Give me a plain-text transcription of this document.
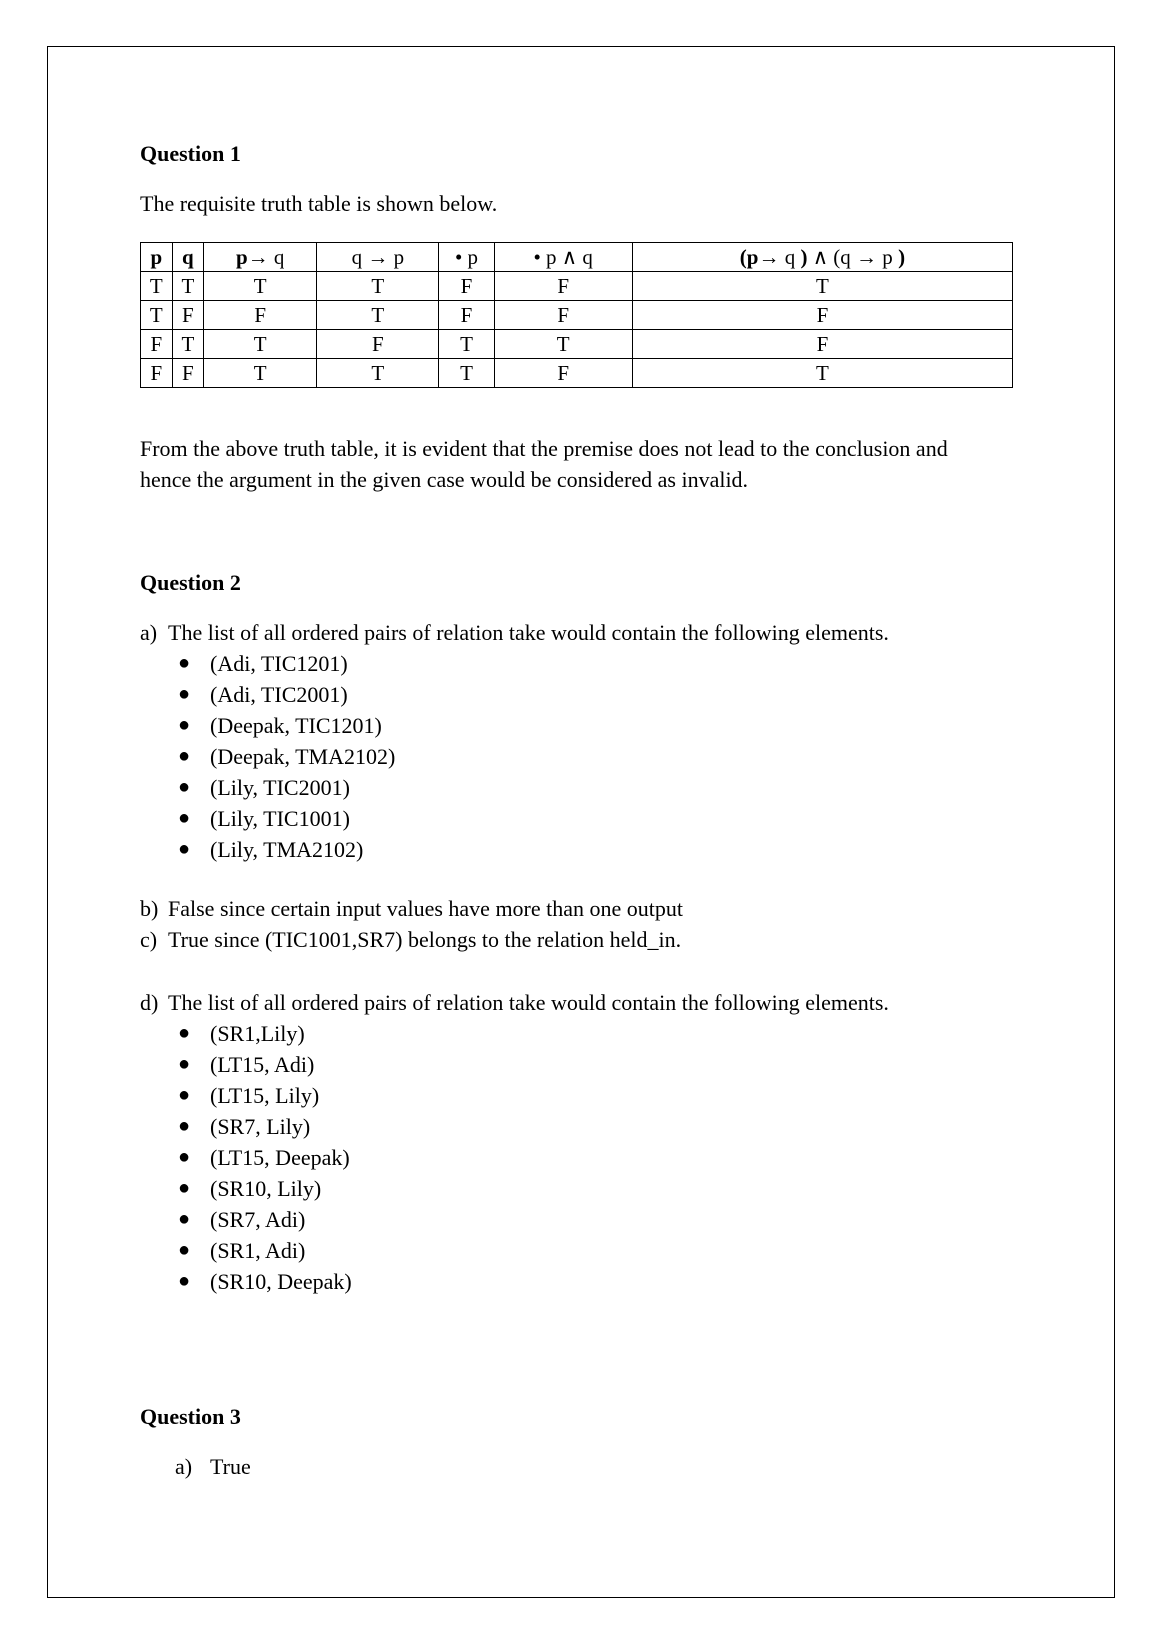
Question 1
The requisite truth table is shown below.
p	q	p→ q	q → p	• p	• p ∧ q	(p→ q ) ∧ (q → p )
T	T	T	T	F	F	T
T	F	F	T	F	F	F
F	T	T	F	T	T	F
F	F	T	T	T	F	T
From the above truth table, it is evident that the premise does not lead to the conclusion and
hence the argument in the given case would be considered as invalid.
Question 2
a) The list of all ordered pairs of relation take would contain the following elements.
● (Adi, TIC1201)
● (Adi, TIC2001)
● (Deepak, TIC1201)
● (Deepak, TMA2102)
● (Lily, TIC2001)
● (Lily, TIC1001)
● (Lily, TMA2102)
b) False since certain input values have more than one output
c) True since (TIC1001,SR7) belongs to the relation held_in.
d) The list of all ordered pairs of relation take would contain the following elements.
● (SR1,Lily)
● (LT15, Adi)
● (LT15, Lily)
● (SR7, Lily)
● (LT15, Deepak)
● (SR10, Lily)
● (SR7, Adi)
● (SR1, Adi)
● (SR10, Deepak)
Question 3
a) True
